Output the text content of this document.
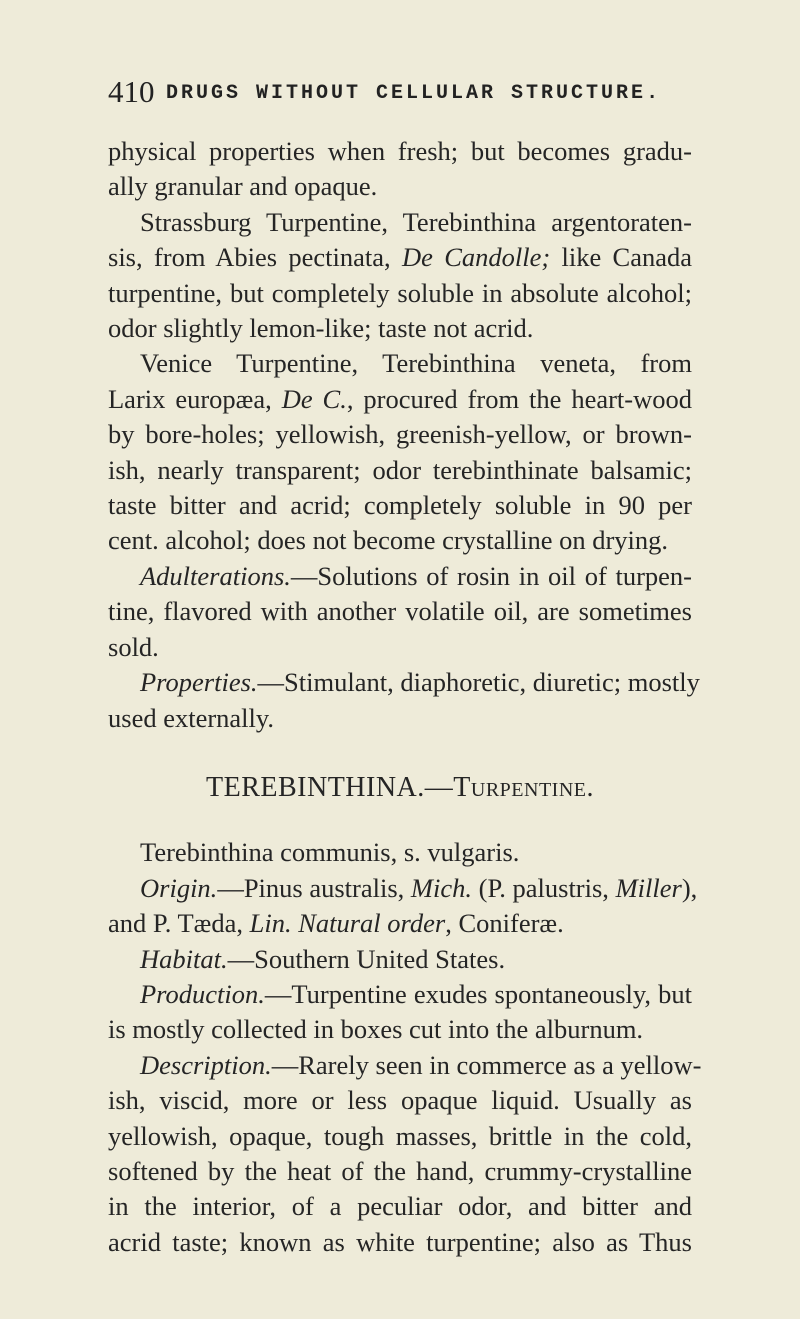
410 DRUGS WITHOUT CELLULAR STRUCTURE.
physical properties when fresh; but becomes gradu-
ally granular and opaque.
Strassburg Turpentine, Terebinthina argentoraten-
sis, from Abies pectinata, De Candolle; like Canada
turpentine, but completely soluble in absolute alcohol;
odor slightly lemon-like; taste not acrid.
Venice Turpentine, Terebinthina veneta, from
Larix europæa, De C., procured from the heart-wood
by bore-holes; yellowish, greenish-yellow, or brown-
ish, nearly transparent; odor terebinthinate balsamic;
taste bitter and acrid; completely soluble in 90 per
cent. alcohol; does not become crystalline on drying.
Adulterations.—Solutions of rosin in oil of turpen-
tine, flavored with another volatile oil, are sometimes
sold.
Properties.—Stimulant, diaphoretic, diuretic; mostly
used externally.
TEREBINTHINA.—Turpentine.
Terebinthina communis, s. vulgaris.
Origin.—Pinus australis, Mich. (P. palustris, Miller),
and P. Tæda, Lin. Natural order, Coniferæ.
Habitat.—Southern United States.
Production.—Turpentine exudes spontaneously, but
is mostly collected in boxes cut into the alburnum.
Description.—Rarely seen in commerce as a yellow-
ish, viscid, more or less opaque liquid. Usually as
yellowish, opaque, tough masses, brittle in the cold,
softened by the heat of the hand, crummy-crystalline
in the interior, of a peculiar odor, and bitter and
acrid taste; known as white turpentine; also as Thus
